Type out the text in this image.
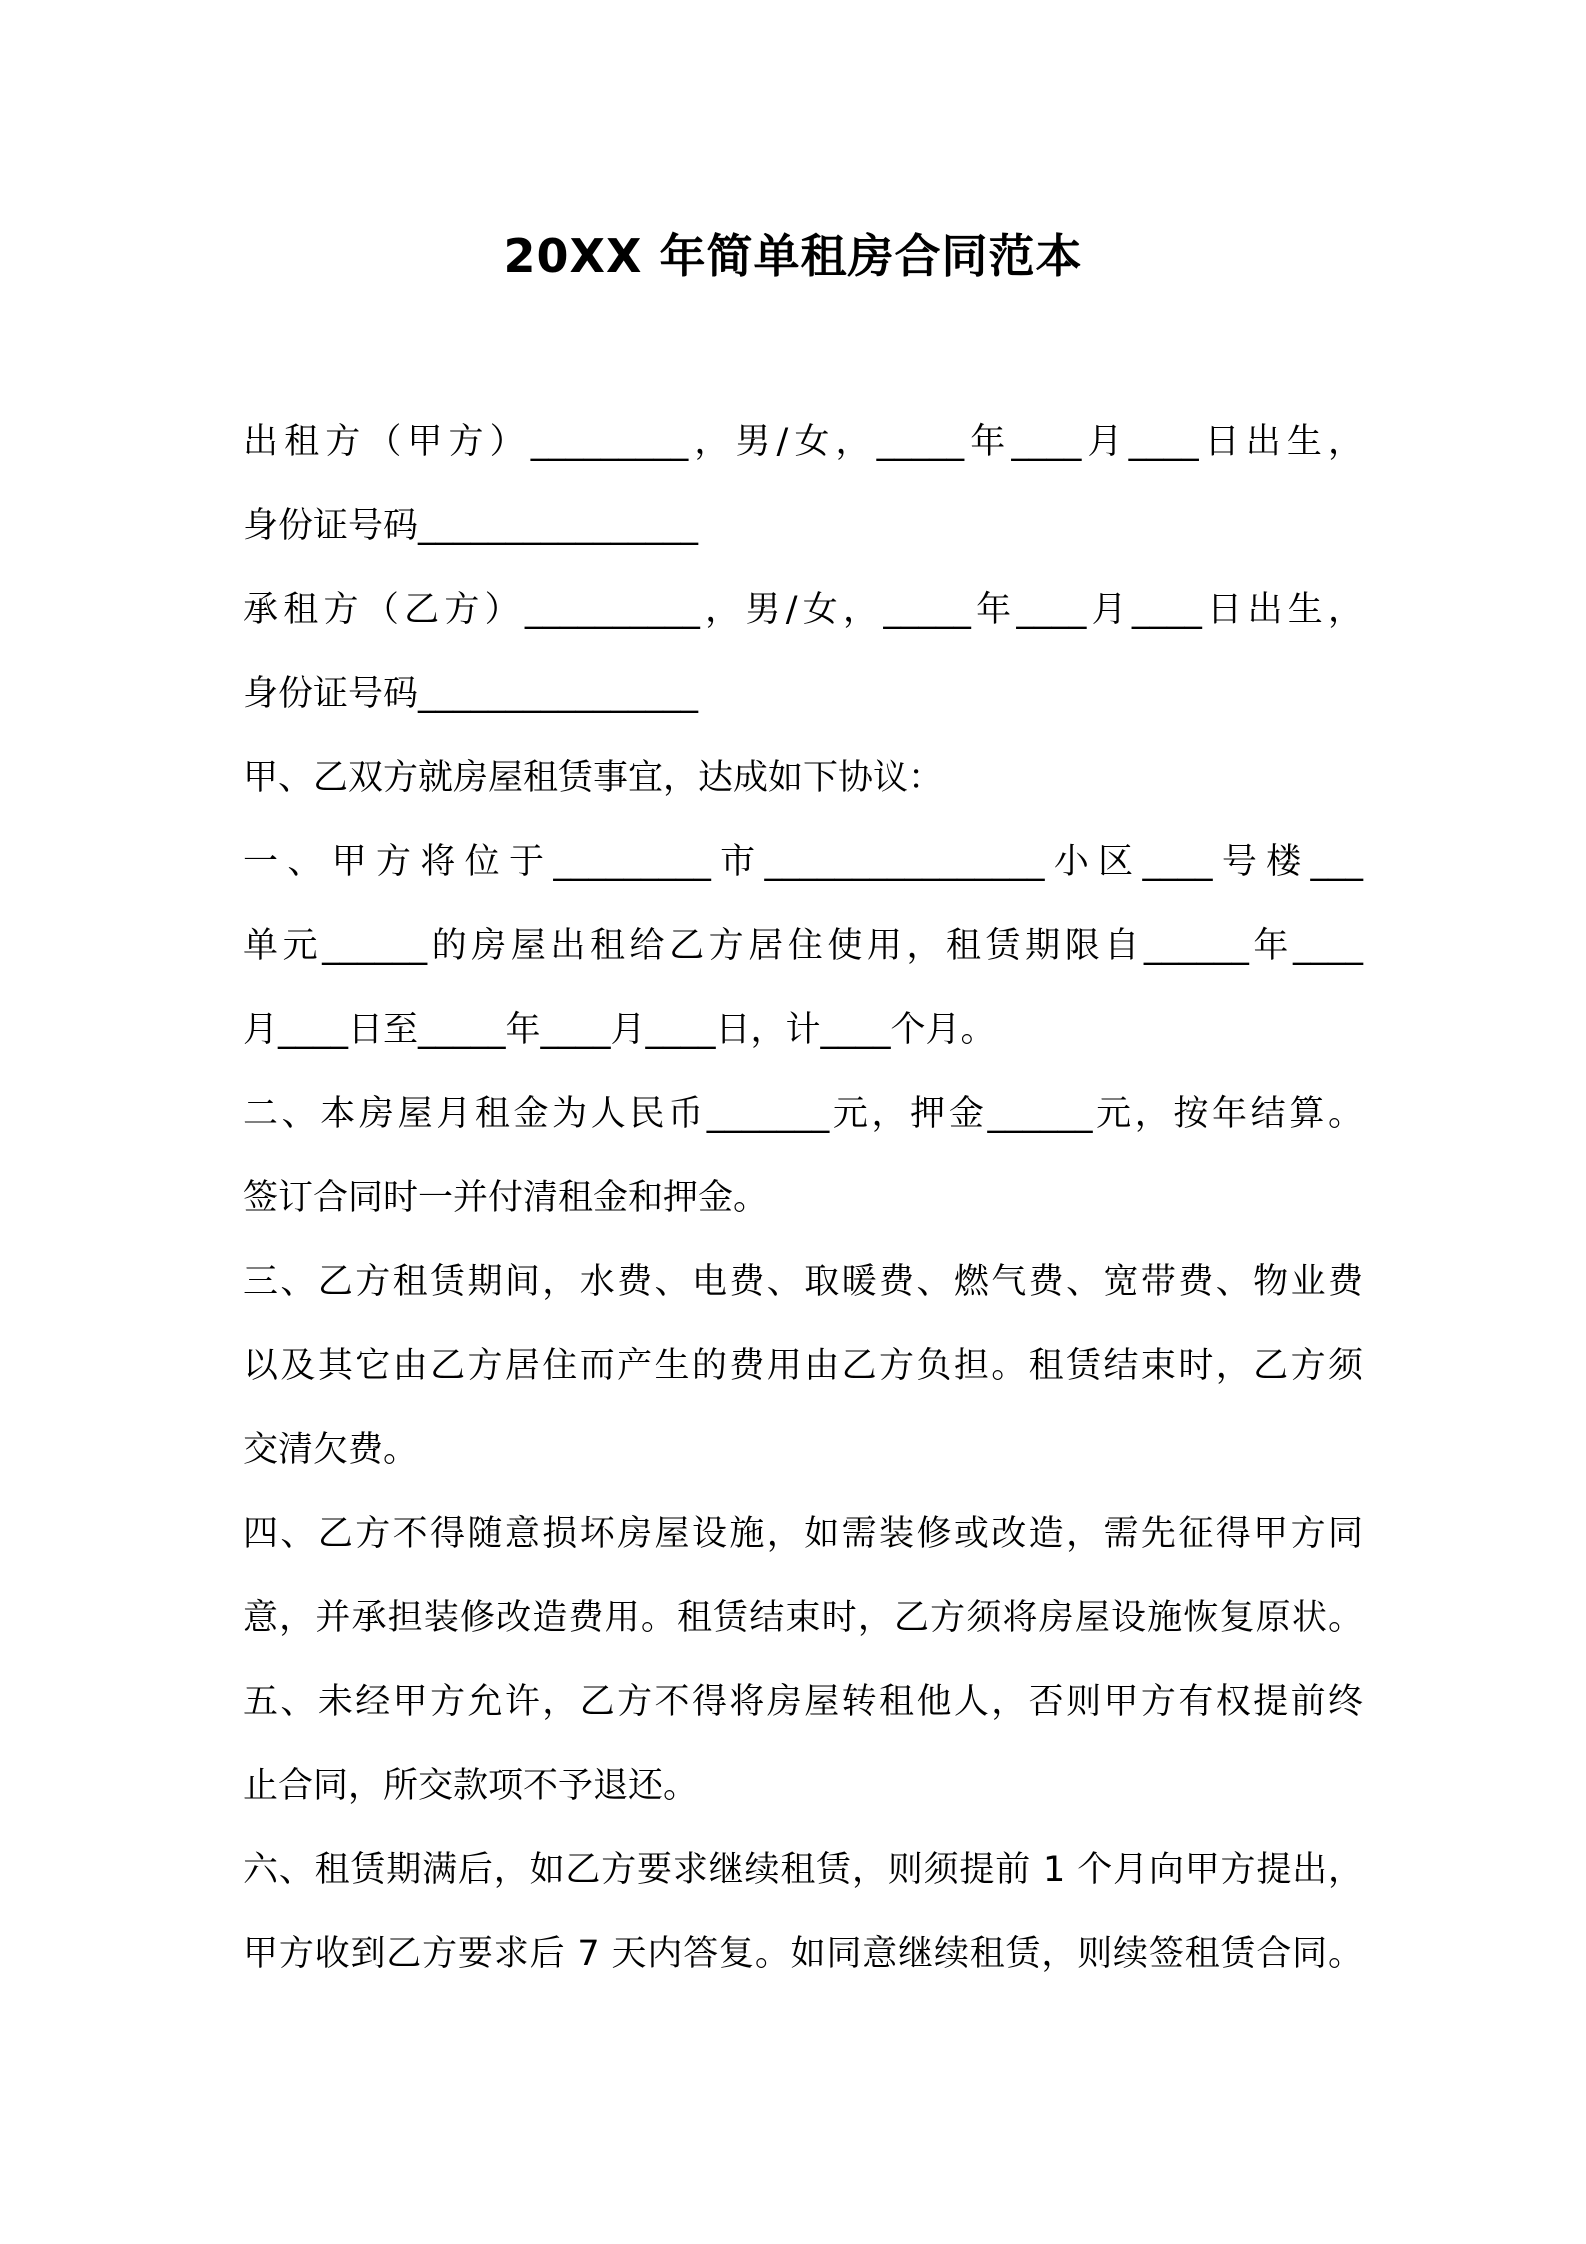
20XX 年简单租房合同范本

出租方（甲方）_________，男/女，_____年____月____日出生，

身份证号码________________

承租方（乙方）__________，男/女，_____年____月____日出生，

身份证号码________________

甲、乙双方就房屋租赁事宜，达成如下协议：

一、甲方将位于_________市________________小区____号楼___

单元______的房屋出租给乙方居住使用，租赁期限自______年____

月____日至_____年____月____日，计____个月。

二、本房屋月租金为人民币_______元，押金______元，按年结算。

签订合同时一并付清租金和押金。

三、乙方租赁期间，水费、电费、取暖费、燃气费、宽带费、物业费

以及其它由乙方居住而产生的费用由乙方负担。租赁结束时，乙方须

交清欠费。

四、乙方不得随意损坏房屋设施，如需装修或改造，需先征得甲方同

意，并承担装修改造费用。租赁结束时，乙方须将房屋设施恢复原状。

五、未经甲方允许，乙方不得将房屋转租他人，否则甲方有权提前终

止合同，所交款项不予退还。

六、租赁期满后，如乙方要求继续租赁，则须提前 1 个月向甲方提出，

甲方收到乙方要求后 7 天内答复。如同意继续租赁，则续签租赁合同。
